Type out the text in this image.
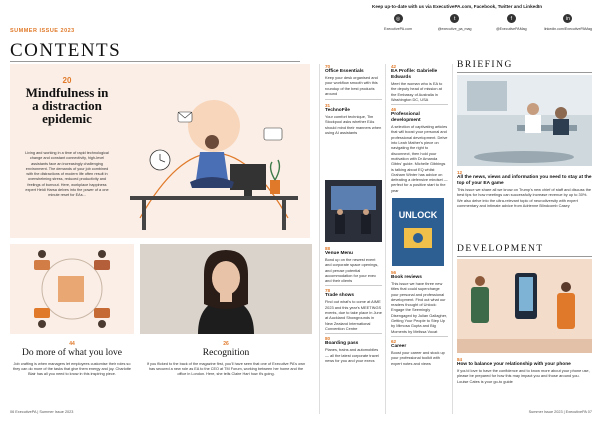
SUMMER ISSUE 2023
CONTENTS
Keep up-to-date with us via ExecutivePA.com, Facebook, Twitter and LinkedIn
◎
ExecutivePA.com
t
@executive_pa_mag
f
@ExecutivePAMag
in
linkedin.com/ExecutivePAMag
20
Mindfulness in a distraction epidemic
Living and working in a time of rapid technological change and constant connectivity, high-level assistants face an increasingly challenging environment. The demands of your job combined with the distractions of modern life often result in overwhelming stress, reduced productivity and feelings of burnout. Here, workplace happiness expert Heidi Harsa delves into the power of a one minute reset for EAs...
44
Do more of what you love
Job crafting is when managers let employees customise their roles so they can do more of the tasks that give them energy and joy. Charlotte Blair has all you need to know in this inspiring piece.
26
Recognition
If you flicked to the back of the magazine first, you'll have seen that one of Executive PA's own has secured a new role as EA to the CEO at TM Forum, working between her home and the office in London. Here, she tells Claire Hart how it's going.
70
Office Essentials
Keep your desk organised and your workflow smooth with this roundup of the best products around
31
TechnoFile
Your comfort technique, Tim Stockpool asks whether EAs should mind their manners when using AI assistants
88
Venue Menu
Bond up on the newest event and corporate space openings, and peruse potential accommodation for your exec and their clients
78
Trade shows
Find out what's to come at AIME 2023 and this year's MEETINGS events, due to take place in June at Auckland Showgrounds in New Zealand International Convention Centre
80
Boarding pass
Planes, trains and automobiles — all the latest corporate travel news for you and your execs
42
EA Profile: Gabrielle Edwards
Meet the woman who is EA to the deputy head of mission at the Embassy of Australia in Washington DC, USA
46
Professional development
A selection of captivating articles that will boost your personal and professional development. Delve into Leah Mather's piece on navigating the right to disconnect, then hold your motivation with Dr Amanda Gibbs' guide. Michelle Gibbings is talking about EQ whilst Graham Winter has advice on defeating a defensive mindset — perfect for a positive start to the year
UNLOCK
56
Book reviews
This issue we have three new titles that could supercharge your personal and professional development. Find out what our readers thought of Unlock: Engage the Seemingly Disengaged by Julian Gallagher, Getting Your People to Step Up by Mimosa Gupta and Big Moments by Melissa Vocat
62
Career
Boost your career and stock up your professional toolkit with expert notes and views
BRIEFING
12
All the news, views and information you need to stay at the top of your EA game
This issue we share all we know on Trump's new chief of staff and discuss the best tips for how meetings can successfully increase revenue by up to 30%. We also delve into the ultra-relevant topic of neurodiversity with expert commentary and intimate advice from Adrienne Blindcomb Casey
DEVELOPMENT
84
How to balance your relationship with your phone
If you'd love to have the confidence and to know more about your phone use, please be prepared for how this may impact you and those around you. Louise Cates is your go-to guide
06 ExecutivePA | Summer Issue 2023	Summer Issue 2023 | ExecutivePA 07
